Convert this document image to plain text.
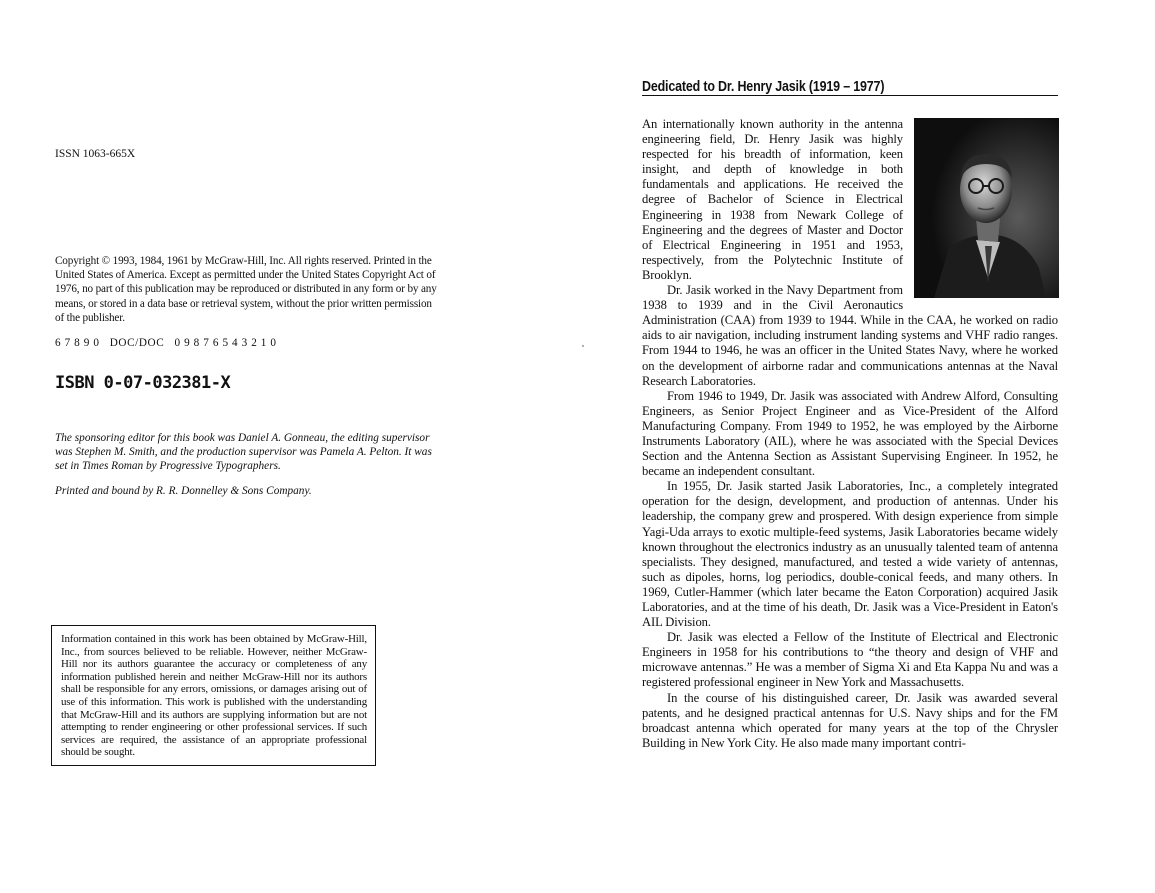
ISSN 1063-665X
Copyright © 1993, 1984, 1961 by McGraw-Hill, Inc. All rights reserved. Printed in the United States of America. Except as permitted under the United States Copyright Act of 1976, no part of this publication may be reproduced or distributed in any form or by any means, or stored in a data base or retrieval system, without the prior written permission of the publisher.
6 7 8 9 0   DOC/DOC   0 9 8 7 6 5 4 3 2 1 0
ISBN 0-07-032381-X
The sponsoring editor for this book was Daniel A. Gonneau, the editing supervisor was Stephen M. Smith, and the production supervisor was Pamela A. Pelton. It was set in Times Roman by Progressive Typographers.
Printed and bound by R. R. Donnelley & Sons Company.
Information contained in this work has been obtained by McGraw-Hill, Inc., from sources believed to be reliable. However, neither McGraw-Hill nor its authors guarantee the accuracy or completeness of any information published herein and neither McGraw-Hill nor its authors shall be responsible for any errors, omissions, or damages arising out of use of this information. This work is published with the understanding that McGraw-Hill and its authors are supplying information but are not attempting to render engineering or other professional services. If such services are required, the assistance of an appropriate professional should be sought.
Dedicated to Dr. Henry Jasik (1919 – 1977)

An internationally known authority in the antenna engineering field, Dr. Henry Jasik was highly respected for his breadth of information, keen insight, and depth of knowledge in both fundamentals and applications. He received the degree of Bachelor of Science in Electrical Engineering in 1938 from Newark College of Engineering and the degrees of Master and Doctor of Electrical Engineering in 1951 and 1953, respectively, from the Polytechnic Institute of Brooklyn.

Dr. Jasik worked in the Navy Department from 1938 to 1939 and in the Civil Aeronautics Administration (CAA) from 1939 to 1944. While in the CAA, he worked on radio aids to air navigation, including instrument landing systems and VHF radio ranges. From 1944 to 1946, he was an officer in the United States Navy, where he worked on the development of airborne radar and communications antennas at the Naval Research Laboratories.

From 1946 to 1949, Dr. Jasik was associated with Andrew Alford, Consulting Engineers, as Senior Project Engineer and as Vice-President of the Alford Manufacturing Company. From 1949 to 1952, he was employed by the Airborne Instruments Laboratory (AIL), where he was associated with the Special Devices Section and the Antenna Section as Assistant Supervising Engineer. In 1952, he became an independent consultant.

In 1955, Dr. Jasik started Jasik Laboratories, Inc., a completely integrated operation for the design, development, and production of antennas. Under his leadership, the company grew and prospered. With design experience from simple Yagi-Uda arrays to exotic multiple-feed systems, Jasik Laboratories became widely known throughout the electronics industry as an unusually talented team of antenna specialists. They designed, manufactured, and tested a wide variety of antennas, such as dipoles, horns, log periodics, double-conical feeds, and many others. In 1969, Cutler-Hammer (which later became the Eaton Corporation) acquired Jasik Laboratories, and at the time of his death, Dr. Jasik was a Vice-President in Eaton's AIL Division.

Dr. Jasik was elected a Fellow of the Institute of Electrical and Electronic Engineers in 1958 for his contributions to “the theory and design of VHF and microwave antennas.” He was a member of Sigma Xi and Eta Kappa Nu and was a registered professional engineer in New York and Massachusetts.

In the course of his distinguished career, Dr. Jasik was awarded several patents, and he designed practical antennas for U.S. Navy ships and for the FM broadcast antenna which operated for many years at the top of the Chrysler Building in New York City. He also made many important contri-
